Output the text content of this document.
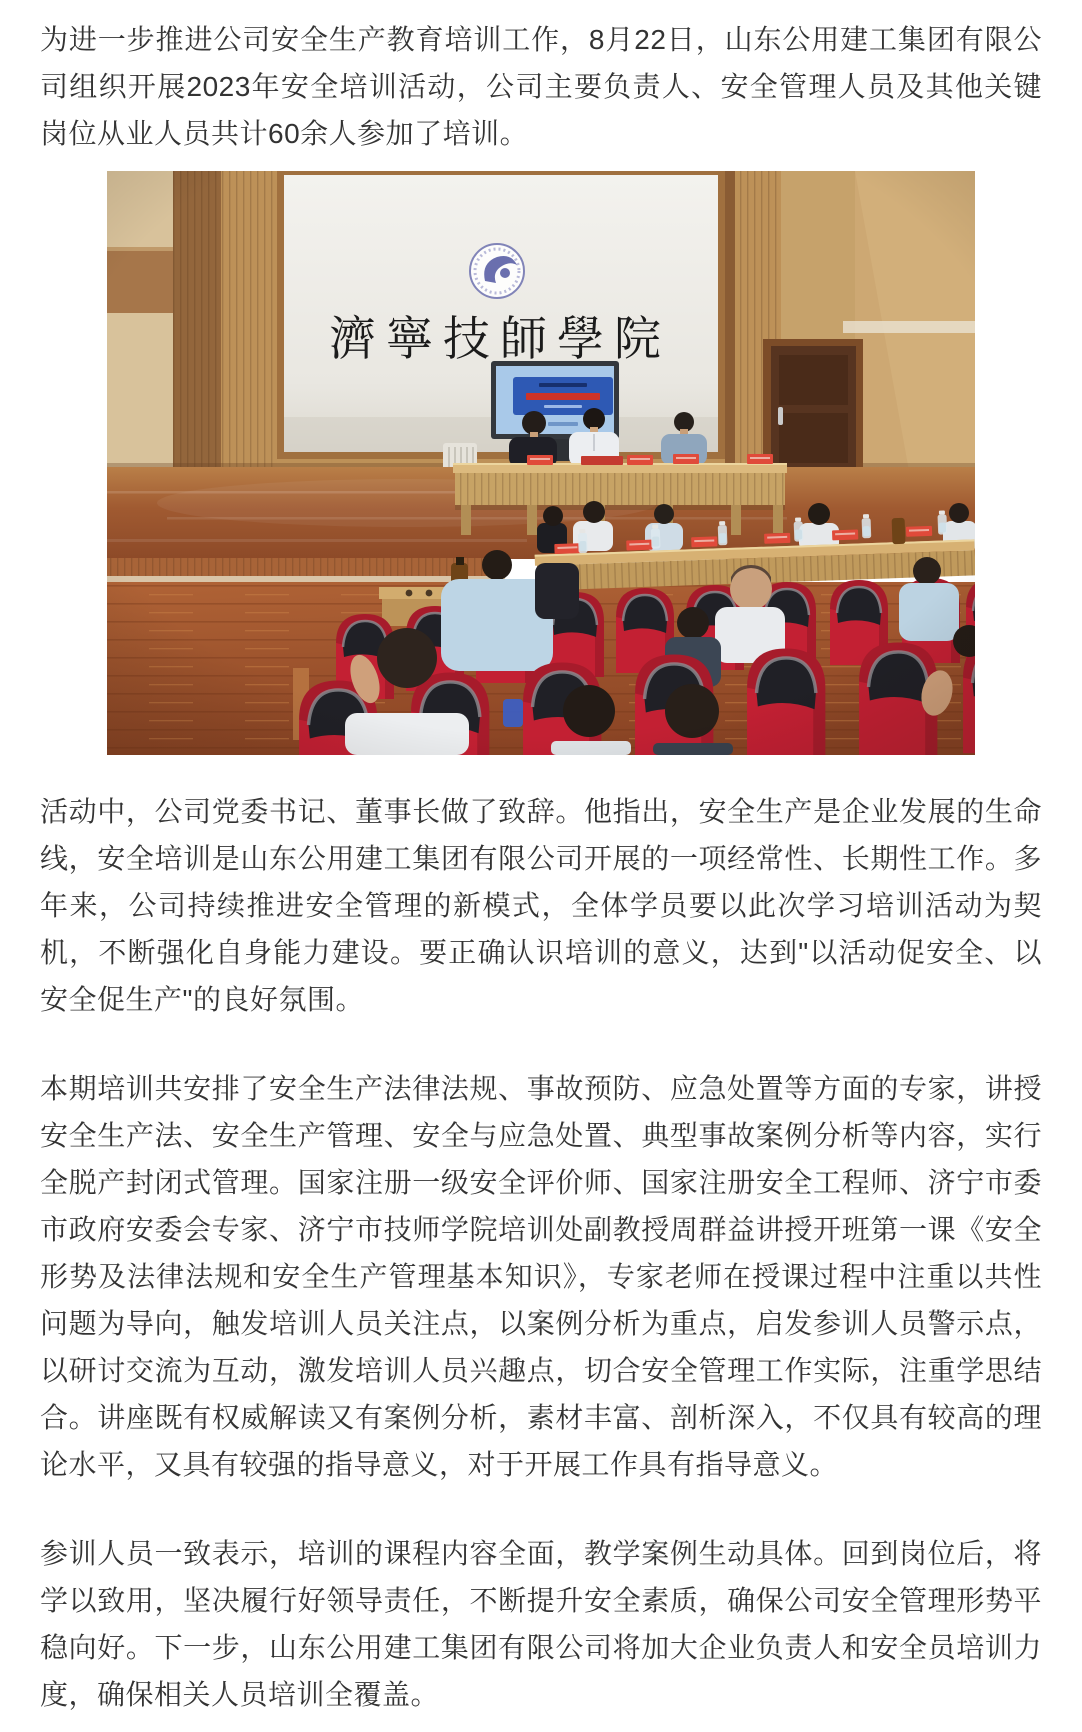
为进一步推进公司安全生产教育培训工作，8月22日，山东公用建工集团有限公司组织开展2023年安全培训活动，公司主要负责人、安全管理人员及其他关键岗位从业人员共计60余人参加了培训。

活动中，公司党委书记、董事长做了致辞。他指出，安全生产是企业发展的生命线，安全培训是山东公用建工集团有限公司开展的一项经常性、长期性工作。多年来，公司持续推进安全管理的新模式，全体学员要以此次学习培训活动为契机，不断强化自身能力建设。要正确认识培训的意义，达到"以活动促安全、以安全促生产"的良好氛围。

本期培训共安排了安全生产法律法规、事故预防、应急处置等方面的专家，讲授安全生产法、安全生产管理、安全与应急处置、典型事故案例分析等内容，实行全脱产封闭式管理。国家注册一级安全评价师、国家注册安全工程师、济宁市委市政府安委会专家、济宁市技师学院培训处副教授周群益讲授开班第一课《安全形势及法律法规和安全生产管理基本知识》，专家老师在授课过程中注重以共性问题为导向，触发培训人员关注点，以案例分析为重点，启发参训人员警示点，以研讨交流为互动，激发培训人员兴趣点，切合安全管理工作实际，注重学思结合。讲座既有权威解读又有案例分析，素材丰富、剖析深入，不仅具有较高的理论水平，又具有较强的指导意义，对于开展工作具有指导意义。

参训人员一致表示，培训的课程内容全面，教学案例生动具体。回到岗位后，将学以致用，坚决履行好领导责任，不断提升安全素质，确保公司安全管理形势平稳向好。下一步，山东公用建工集团有限公司将加大企业负责人和安全员培训力度，确保相关人员培训全覆盖。
